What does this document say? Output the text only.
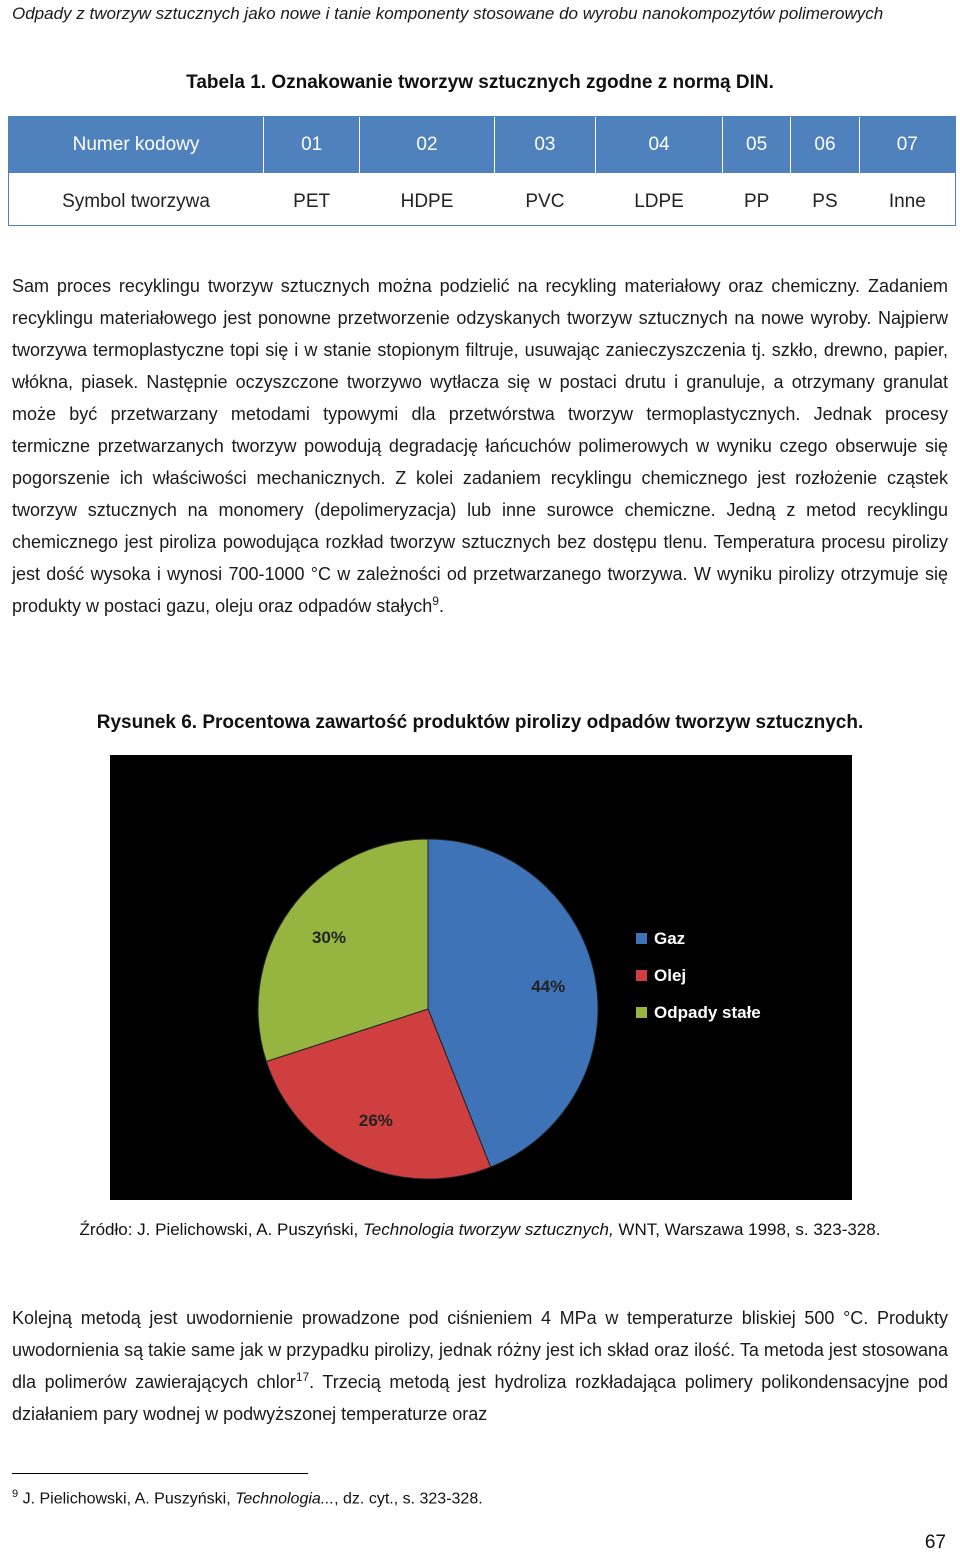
Odpady z tworzyw sztucznych jako nowe i tanie komponenty stosowane do wyrobu nanokompozytów polimerowych
Tabela 1. Oznakowanie tworzyw sztucznych zgodne z normą DIN.
Numer kodowy	01	02	03	04	05	06	07
Symbol tworzywa	PET	HDPE	PVC	LDPE	PP	PS	Inne
Sam proces recyklingu tworzyw sztucznych można podzielić na recykling materiałowy oraz chemiczny. Zadaniem recyklingu materiałowego jest ponowne przetworzenie odzyskanych tworzyw sztucznych na nowe wyroby. Najpierw tworzywa termoplastyczne topi się i w stanie stopionym filtruje, usuwając zanieczyszczenia tj. szkło, drewno, papier, włókna, piasek. Następnie oczyszczone tworzywo wytłacza się w postaci drutu i granuluje, a otrzymany granulat może być przetwarzany metodami typowymi dla przetwórstwa tworzyw termoplastycznych. Jednak procesy termiczne przetwarzanych tworzyw powodują degradację łańcuchów polimerowych w wyniku czego obserwuje się pogorszenie ich właściwości mechanicznych. Z kolei zadaniem recyklingu chemicznego jest rozłożenie cząstek tworzyw sztucznych na monomery (depolimeryzacja) lub inne surowce chemiczne. Jedną z metod recyklingu chemicznego jest piroliza powodująca rozkład tworzyw sztucznych bez dostępu tlenu. Temperatura procesu pirolizy jest dość wysoka i wynosi 700-1000 °C w zależności od przetwarzanego tworzywa. W wyniku pirolizy otrzymuje się produkty w postaci gazu, oleju oraz odpadów stałych$^9$.
Rysunek 6. Procentowa zawartość produktów pirolizy odpadów tworzyw sztucznych.
44%
26%
30%	Gaz
Olej
Odpady stałe
Źródło: J. Pielichowski, A. Puszyński, Technologia tworzyw sztucznych, WNT, Warszawa 1998, s. 323-328.
Kolejną metodą jest uwodornienie prowadzone pod ciśnieniem 4 MPa w temperaturze bliskiej 500 °C. Produkty uwodornienia są takie same jak w przypadku pirolizy, jednak różny jest ich skład oraz ilość. Ta metoda jest stosowana dla polimerów zawierających chlor$^{17}$. Trzecią metodą jest hydroliza rozkładająca polimery polikondensacyjne pod działaniem pary wodnej w podwyższonej temperaturze oraz
$^9$ J. Pielichowski, A. Puszyński, Technologia..., dz. cyt., s. 323-328.
67
